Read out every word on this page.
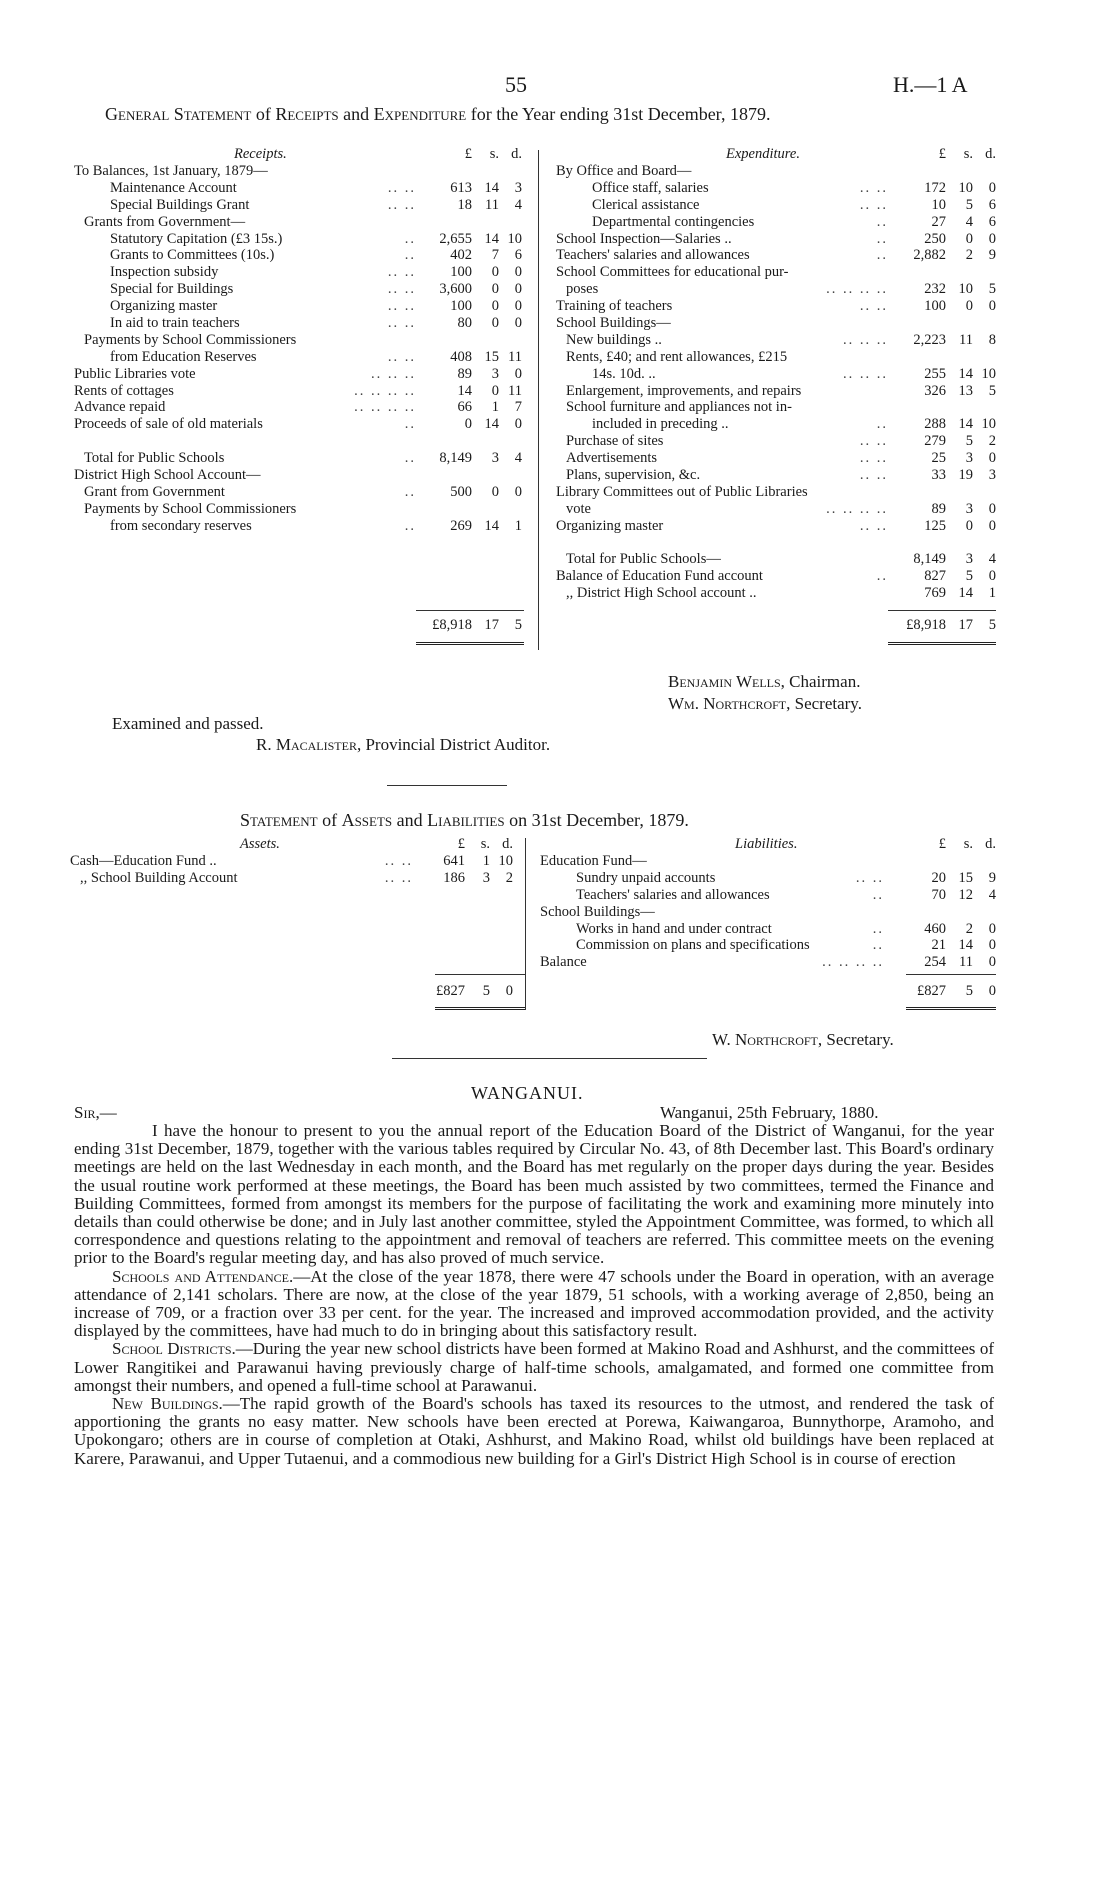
55	H.—1 A
General Statement of Receipts and Expenditure for the Year ending 31st December, 1879.
Receipts.	£	s. d.	Expenditure.	£	s. d.
To Balances, 1st January, 1879—
Maintenance Account	.. ..	613 14	3
Special Buildings Grant	.. ..	18 11	4
Grants from Government—
Statutory Capitation (£3 15s.)	..	2,655 14 10
Grants to Committees (10s.)	..	402	7	6
Inspection subsidy	.. ..	100	0	0
Special for Buildings	.. ..	3,600	0	0
Organizing master	.. ..	100	0	0
In aid to train teachers	.. ..	80	0	0
Payments by School Commissioners
from Education Reserves	.. ..	408 15 11
Public Libraries vote	.. .. ..	89	3	0
Rents of cottages	.. .. .. ..	14	0 11
Advance repaid	.. .. .. ..	66	1	7
Proceeds of sale of old materials	..	0 14	0
Total for Public Schools	..	8,149	3	4
District High School Account—
Grant from Government	..	500	0	0
Payments by School Commissioners
from secondary reserves	..	269 14	1
£8,918 17	5
By Office and Board—
Office staff, salaries	.. ..	172 10	0
Clerical assistance	.. ..	10	5	6
Departmental contingencies	..	27	4	6
School Inspection—Salaries ..	..	250	0	0
Teachers' salaries and allowances	..	2,882	2	9
School Committees for educational pur-
poses	.. .. .. ..	232 10	5
Training of teachers	.. ..	100	0	0
School Buildings—
New buildings ..	.. .. ..	2,223 11	8
Rents, £40; and rent allowances, £215
14s. 10d. ..	.. .. ..	255 14 10
Enlargement, improvements, and repairs	326 13	5
School furniture and appliances not in-
included in preceding ..	..	288 14 10
Purchase of sites	.. ..	279	5	2
Advertisements	.. ..	25	3	0
Plans, supervision, &c.	.. ..	33 19	3
Library Committees out of Public Libraries
vote	.. .. .. ..	89	3	0
Organizing master	.. ..	125	0	0
Total for Public Schools—	8,149	3	4
Balance of Education Fund account	..	827	5	0
,, District High School account ..	769 14	1
£8,918 17	5
Benjamin Wells, Chairman.
Wm. Northcroft, Secretary.
Examined and passed.
R. Macalister, Provincial District Auditor.
Statement of Assets and Liabilities on 31st December, 1879.
Assets.	£	s. d.	Liabilities.	£	s. d.
Cash—Education Fund ..	.. ..	641	1 10
,, School Building Account	.. ..	186	3	2
Education Fund—
Sundry unpaid accounts	.. ..	20 15	9
Teachers' salaries and allowances	..	70 12	4
School Buildings—
Works in hand and under contract	..	460	2	0
Commission on plans and specifications	..	21 14	0
Balance	.. .. .. ..	254 11	0
£827	5	0	£827	5	0
W. Northcroft, Secretary.
WANGANUI.
Sir,—	Wanganui, 25th February, 1880.

I have the honour to present to you the annual report of the Education Board of the District of Wanganui, for the year ending 31st December, 1879, together with the various tables required by Circular No. 43, of 8th December last. This Board's ordinary meetings are held on the last Wednesday in each month, and the Board has met regularly on the proper days during the year. Besides the usual routine work performed at these meetings, the Board has been much assisted by two committees, termed the Finance and Building Committees, formed from amongst its members for the purpose of facilitating the work and examining more minutely into details than could otherwise be done; and in July last another committee, styled the Appointment Committee, was formed, to which all correspondence and questions relating to the appointment and removal of teachers are referred. This committee meets on the evening prior to the Board's regular meeting day, and has also proved of much service.

Schools and Attendance.—At the close of the year 1878, there were 47 schools under the Board in operation, with an average attendance of 2,141 scholars. There are now, at the close of the year 1879, 51 schools, with a working average of 2,850, being an increase of 709, or a fraction over 33 per cent. for the year. The increased and improved accommodation provided, and the activity displayed by the committees, have had much to do in bringing about this satisfactory result.

School Districts.—During the year new school districts have been formed at Makino Road and Ashhurst, and the committees of Lower Rangitikei and Parawanui having previously charge of half-time schools, amalgamated, and formed one committee from amongst their numbers, and opened a full-time school at Parawanui.

New Buildings.—The rapid growth of the Board's schools has taxed its resources to the utmost, and rendered the task of apportioning the grants no easy matter. New schools have been erected at Porewa, Kaiwangaroa, Bunnythorpe, Aramoho, and Upokongaro; others are in course of completion at Otaki, Ashhurst, and Makino Road, whilst old buildings have been replaced at Karere, Parawanui, and Upper Tutaenui, and a commodious new building for a Girl's District High School is in course of erection
